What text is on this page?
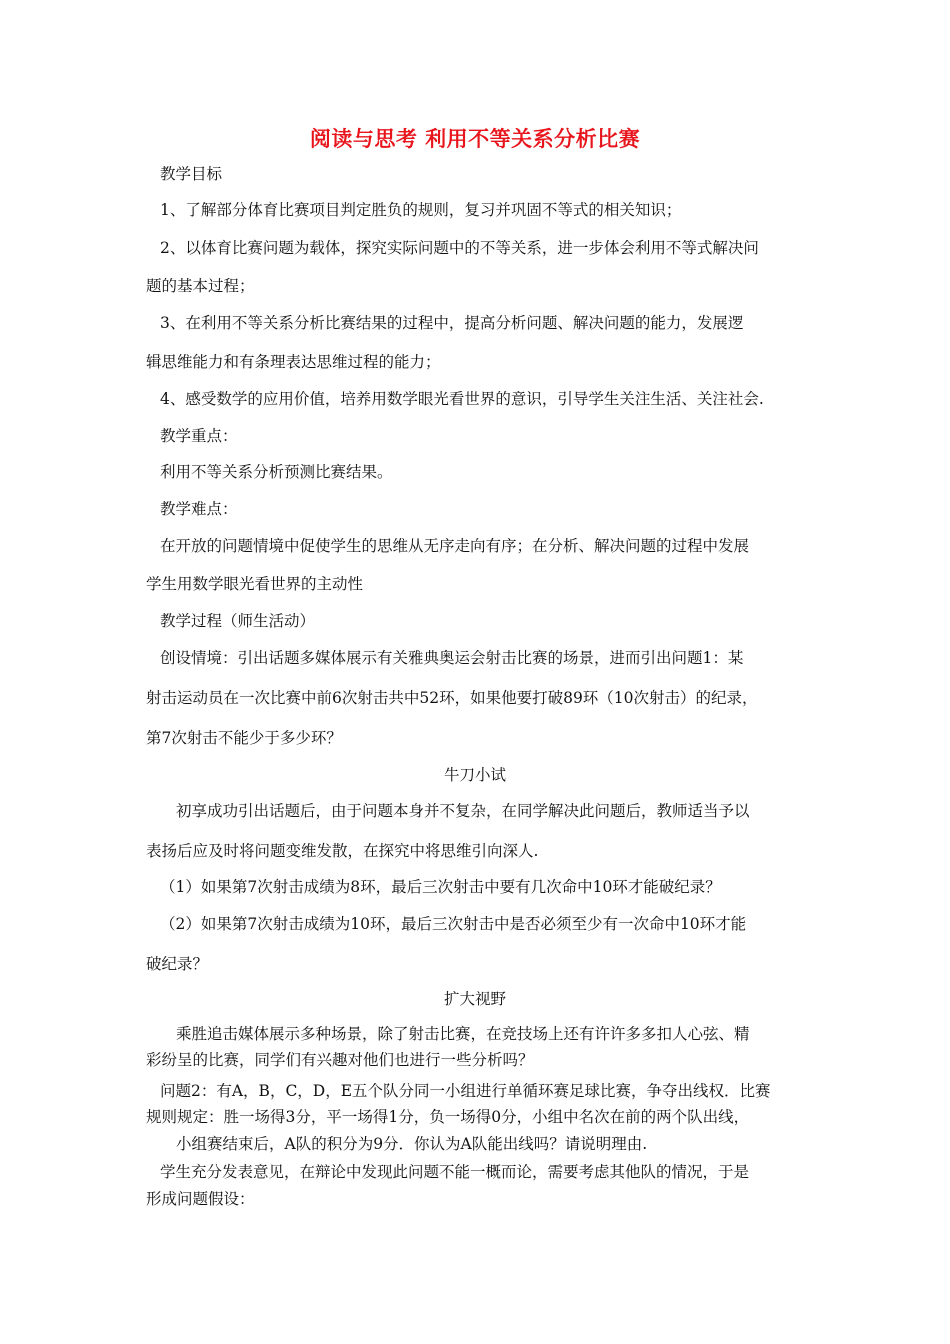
阅读与思考 利用不等关系分析比赛
教学目标
1、了解部分体育比赛项目判定胜负的规则，复习并巩固不等式的相关知识；
2、以体育比赛问题为载体，探究实际问题中的不等关系，进一步体会利用不等式解决问
题的基本过程；
3、在利用不等关系分析比赛结果的过程中，提高分析问题、解决问题的能力，发展逻
辑思维能力和有条理表达思维过程的能力；
4、感受数学的应用价值，培养用数学眼光看世界的意识，引导学生关注生活、关注社会.
教学重点：
利用不等关系分析预测比赛结果。
教学难点：
在开放的问题情境中促使学生的思维从无序走向有序；在分析、解决问题的过程中发展
学生用数学眼光看世界的主动性
教学过程（师生活动）
创设情境：引出话题多媒体展示有关雅典奥运会射击比赛的场景，进而引出问题1：某
射击运动员在一次比赛中前6次射击共中52环，如果他要打破89环（10次射击）的纪录，
第7次射击不能少于多少环？
牛刀小试
初享成功引出话题后，由于问题本身并不复杂，在同学解决此问题后，教师适当予以
表扬后应及时将问题变维发散，在探究中将思维引向深人.
（1）如果第7次射击成绩为8环，最后三次射击中要有几次命中10环才能破纪录？
（2）如果第7次射击成绩为10环，最后三次射击中是否必须至少有一次命中10环才能
破纪录？
扩大视野
乘胜追击媒体展示多种场景，除了射击比赛，在竞技场上还有许许多多扣人心弦、精
彩纷呈的比赛，同学们有兴趣对他们也进行一些分析吗？
问题2：有A，B，C，D，E五个队分同一小组进行单循环赛足球比赛，争夺出线权．比赛
规则规定：胜一场得3分，平一场得1分，负一场得0分，小组中名次在前的两个队出线，
小组赛结束后，A队的积分为9分．你认为A队能出线吗？请说明理由.
学生充分发表意见，在辩论中发现此问题不能一概而论，需要考虑其他队的情况，于是
形成问题假设：
